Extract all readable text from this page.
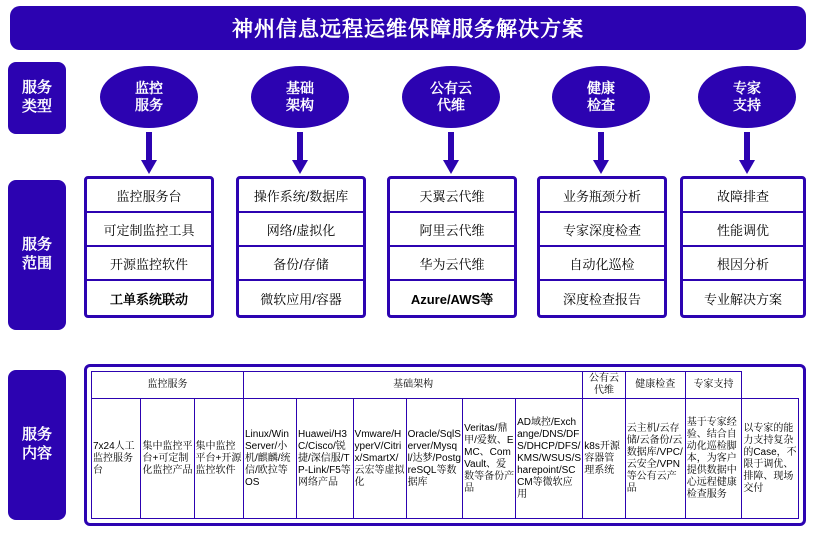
神州信息远程运维保障服务解决方案
服务
类型
服务
范围
服务
内容
监控
服务
基础
架构
公有云
代维
健康
检查
专家
支持
监控服务台
可定制监控工具
开源监控软件
工单系统联动
操作系统/数据库
网络/虚拟化
备份/存储
微软应用/容器
天翼云代维
阿里云代维
华为云代维
Azure/AWS等
业务瓶颈分析
专家深度检查
自动化巡检
深度检查报告
故障排查
性能调优
根因分析
专业解决方案
监控服务			基础架构						公有云代维	健康检查	专家支持	
7x24人工监控服务台	集中监控平台+可定制化监控产品	集中监控平台+开源监控软件	Linux/Win Server/小机/麒麟/统信/欧拉等OS	Huawei/H3C/Cisco/锐捷/深信服/TP-Link/F5等网络产品	Vmware/HyperV/Citrix/SmartX/云宏等虚拟化	Oracle/SqlServer/Mysql/达梦/PostgreSQL等数据库	Veritas/鼎甲/爱数、EMC、ComVault、爱数等备份产品	AD域控/Exchange/DNS/DFS/DHCP/DFS/KMS/WSUS/Sharepoint/SCCM等微软应用	k8s开源容器管理系统	云主机/云存储/云备份/云数据库/VPC/云安全/VPN等公有云产品	基于专家经验、结合自动化巡检脚本，为客户提供数据中心远程健康检查服务	以专家的能力支持复杂的Case，不限于调优、排障、现场交付
